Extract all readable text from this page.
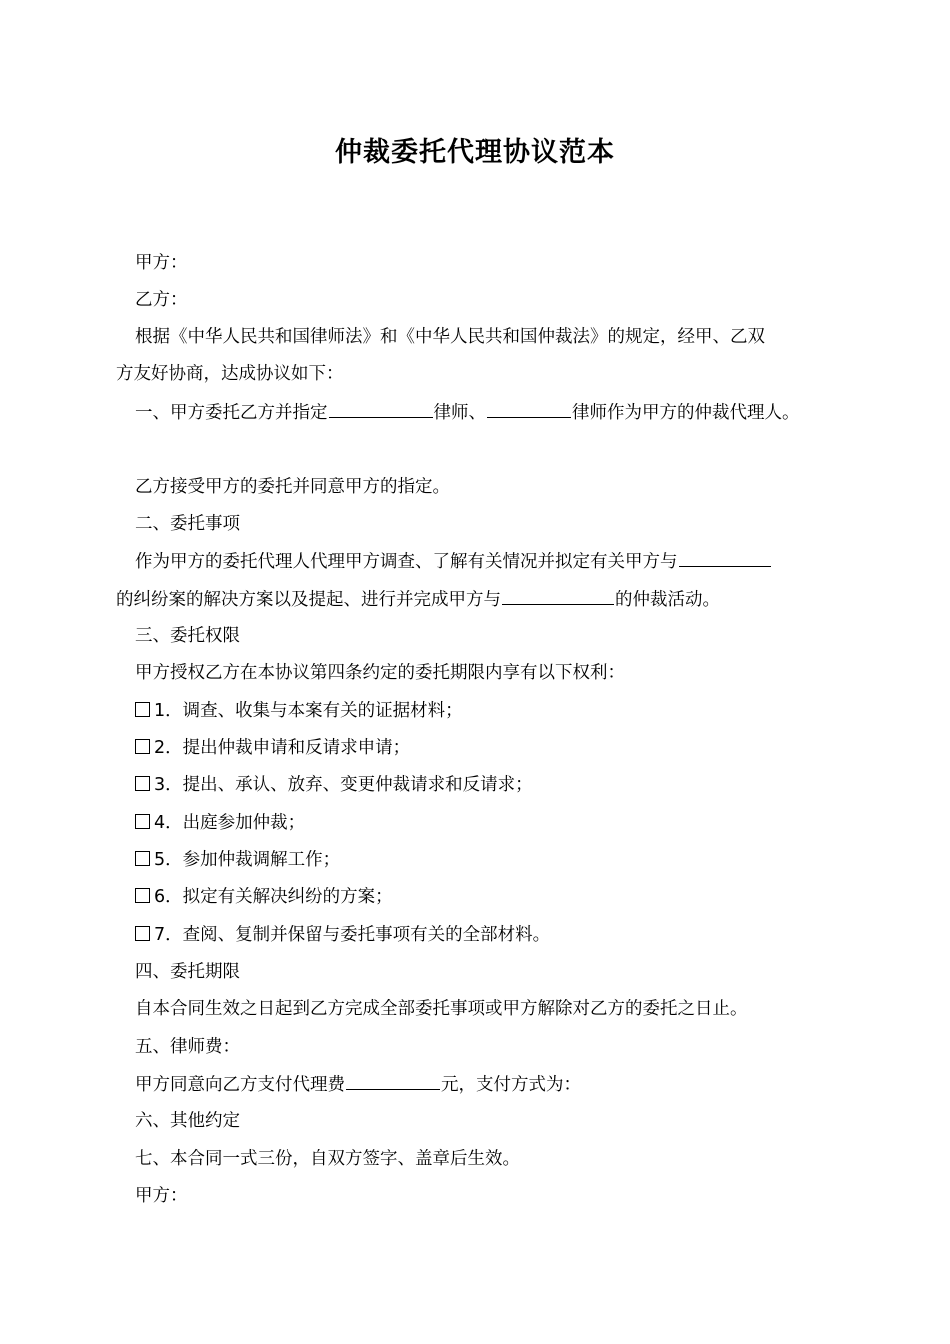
仲裁委托代理协议范本
甲方：
乙方：
根据《中华人民共和国律师法》和《中华人民共和国仲裁法》的规定，经甲、乙双
方友好协商，达成协议如下：
一、甲方委托乙方并指定	律师、	律师作为甲方的仲裁代理人。
乙方接受甲方的委托并同意甲方的指定。
二、委托事项
作为甲方的委托代理人代理甲方调查、了解有关情况并拟定有关甲方与
的纠纷案的解决方案以及提起、进行并完成甲方与	的仲裁活动。
三、委托权限
甲方授权乙方在本协议第四条约定的委托期限内享有以下权利：
1．调查、收集与本案有关的证据材料；
2．提出仲裁申请和反请求申请；
3．提出、承认、放弃、变更仲裁请求和反请求；
4．出庭参加仲裁；
5．参加仲裁调解工作；
6．拟定有关解决纠纷的方案；
7．查阅、复制并保留与委托事项有关的全部材料。
四、委托期限
自本合同生效之日起到乙方完成全部委托事项或甲方解除对乙方的委托之日止。
五、律师费：
甲方同意向乙方支付代理费	元，支付方式为：
六、其他约定
七、本合同一式三份，自双方签字、盖章后生效。
甲方：
